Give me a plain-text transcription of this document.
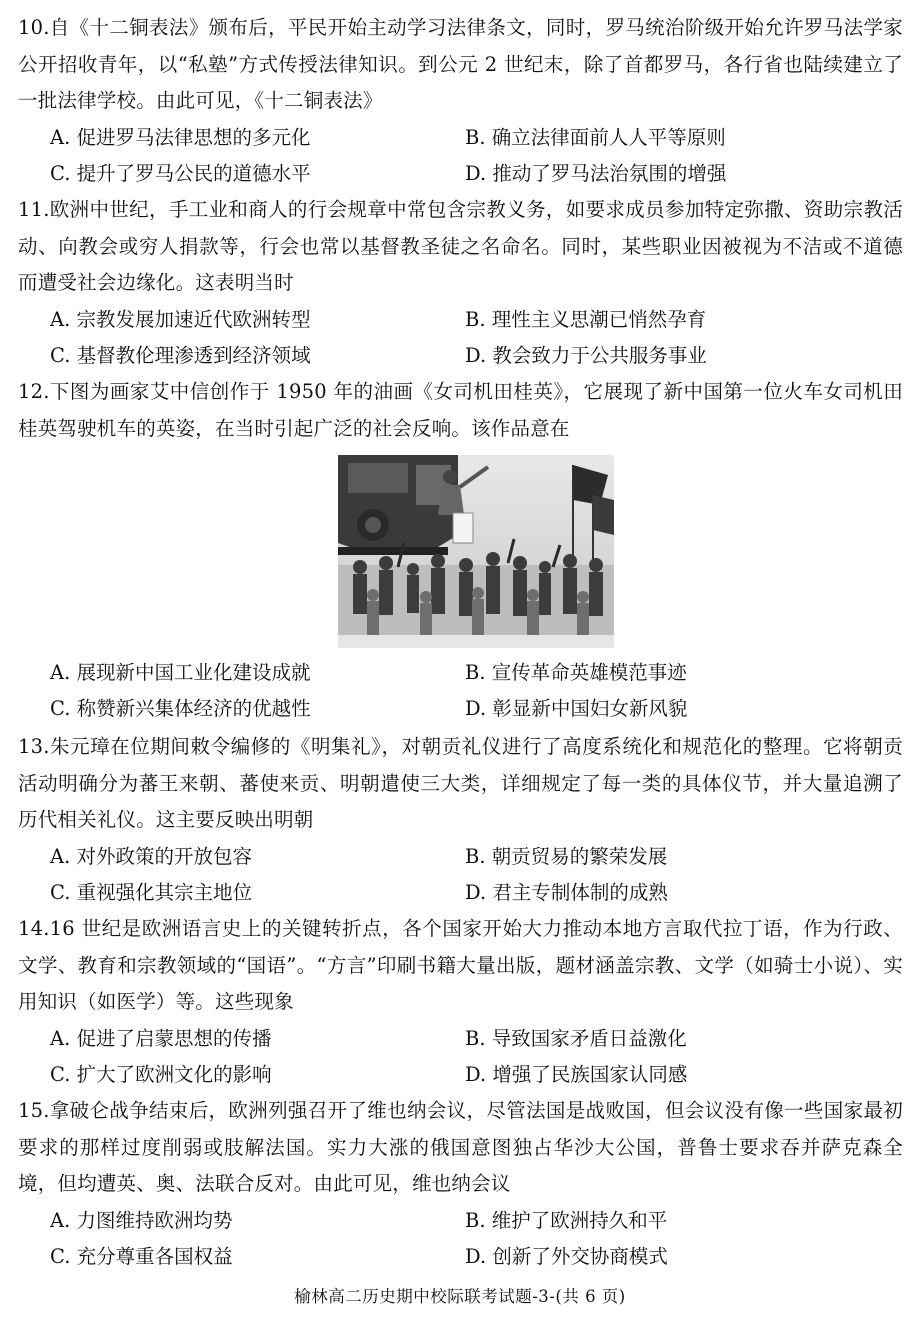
10.自《十二铜表法》颁布后，平民开始主动学习法律条文，同时，罗马统治阶级开始允许罗马法学家公开招收青年，以“私塾”方式传授法律知识。到公元 2 世纪末，除了首都罗马，各行省也陆续建立了一批法律学校。由此可见，《十二铜表法》

A. 促进罗马法律思想的多元化	B. 确立法律面前人人平等原则
C. 提升了罗马公民的道德水平	D. 推动了罗马法治氛围的增强

11.欧洲中世纪，手工业和商人的行会规章中常包含宗教义务，如要求成员参加特定弥撒、资助宗教活动、向教会或穷人捐款等，行会也常以基督教圣徒之名命名。同时，某些职业因被视为不洁或不道德而遭受社会边缘化。这表明当时

A. 宗教发展加速近代欧洲转型	B. 理性主义思潮已悄然孕育
C. 基督教伦理渗透到经济领域	D. 教会致力于公共服务事业

12.下图为画家艾中信创作于 1950 年的油画《女司机田桂英》，它展现了新中国第一位火车女司机田桂英驾驶机车的英姿，在当时引起广泛的社会反响。该作品意在

A. 展现新中国工业化建设成就	B. 宣传革命英雄模范事迹
C. 称赞新兴集体经济的优越性	D. 彰显新中国妇女新风貌

13.朱元璋在位期间敕令编修的《明集礼》，对朝贡礼仪进行了高度系统化和规范化的整理。它将朝贡活动明确分为蕃王来朝、蕃使来贡、明朝遣使三大类，详细规定了每一类的具体仪节，并大量追溯了历代相关礼仪。这主要反映出明朝

A. 对外政策的开放包容	B. 朝贡贸易的繁荣发展
C. 重视强化其宗主地位	D. 君主专制体制的成熟

14.16 世纪是欧洲语言史上的关键转折点，各个国家开始大力推动本地方言取代拉丁语，作为行政、文学、教育和宗教领域的“国语”。“方言”印刷书籍大量出版，题材涵盖宗教、文学（如骑士小说）、实用知识（如医学）等。这些现象

A. 促进了启蒙思想的传播	B. 导致国家矛盾日益激化
C. 扩大了欧洲文化的影响	D. 增强了民族国家认同感

15.拿破仑战争结束后，欧洲列强召开了维也纳会议，尽管法国是战败国，但会议没有像一些国家最初要求的那样过度削弱或肢解法国。实力大涨的俄国意图独占华沙大公国，普鲁士要求吞并萨克森全境，但均遭英、奥、法联合反对。由此可见，维也纳会议

A. 力图维持欧洲均势	B. 维护了欧洲持久和平
C. 充分尊重各国权益	D. 创新了外交协商模式
榆林高二历史期中校际联考试题-3-(共 6 页)
